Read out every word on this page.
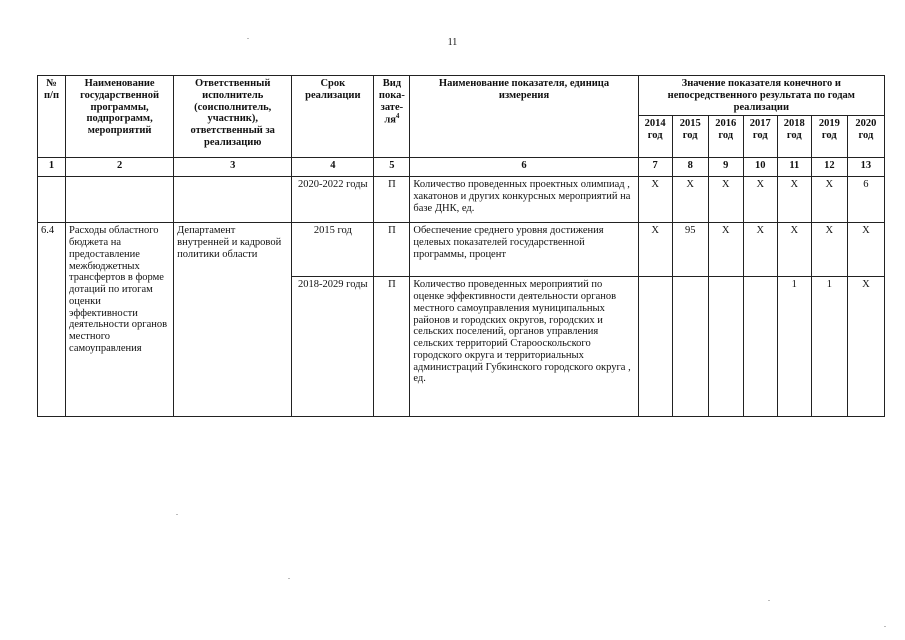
11
№ п/п	Наименование государственной программы, подпрограмм, мероприятий	Ответственный исполнитель (соисполнитель, участник), ответственный за реализацию	Срок реализации	Вид пока-$зате-ля^4$	Наименование показателя, единица измерения	Значение показателя конечного и непосредственного результата по годам реализации						
						2014 год	2015 год	2016 год	2017 год	2018 год	2019 год	2020 год
1	2	3	4	5	6	7	8	9	10	11	12	13
			2020-2022 годы	П	Количество проведенных проектных олимпиад , хакатонов и других конкурсных мероприятий на базе ДНК, ед.	Х	Х	Х	Х	Х	Х	6
6.4	Расходы областного бюджета на предоставление межбюджетных трансфертов в форме дотаций по итогам оценки эффективности деятельности органов местного самоуправления	Департамент внутренней и кадровой политики области	2015 год	П	Обеспечение среднего уровня достижения целевых показателей государственной программы, процент	Х	95	Х	Х	Х	Х	Х
			2018-2029 годы	П	Количество проведенных мероприятий по оценке эффективности деятельности органов местного самоуправления муниципальных районов и городских округов, городских и сельских поселений, органов управления сельских территорий Старооскольского городского округа и территориальных администраций Губкинского городского округа , ед.					1	1	Х
